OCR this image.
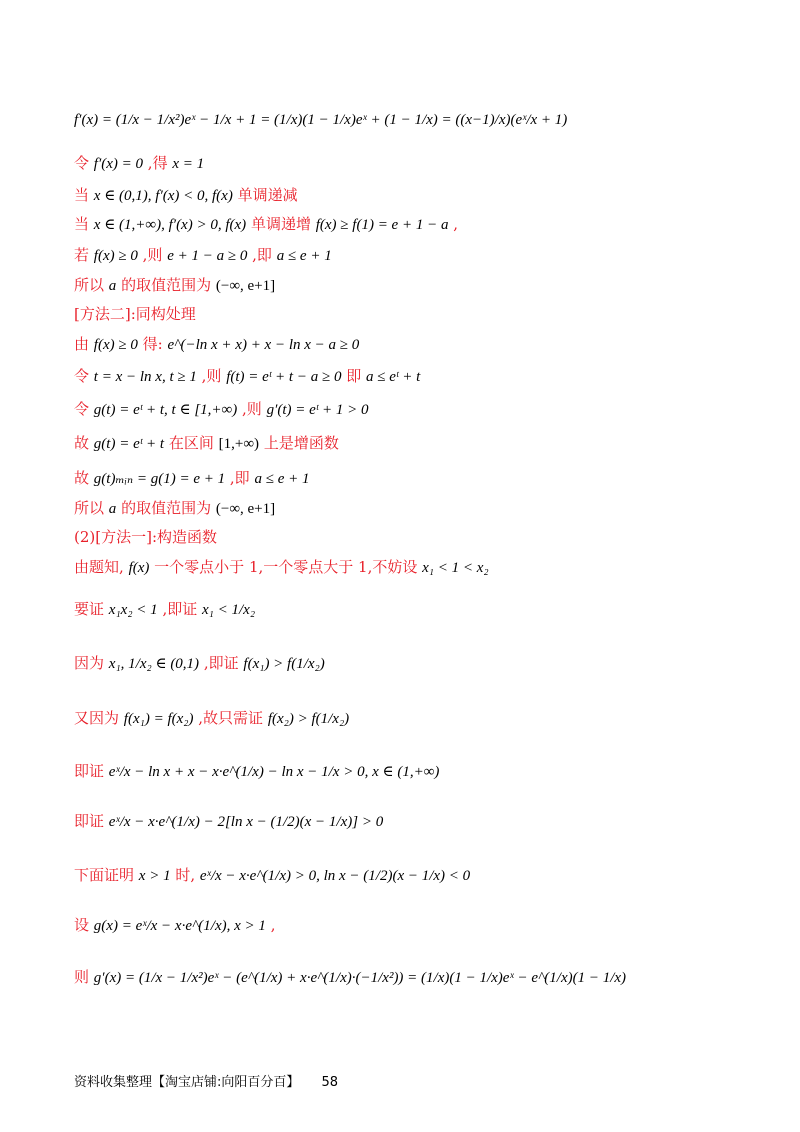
f′(x) = (1/x − 1/x²)eˣ − 1/x + 1 = (1/x)(1 − 1/x)eˣ + (1 − 1/x) = ((x−1)/x)(eˣ/x + 1)
令 f′(x) = 0 ,得 x = 1
当 x ∈ (0,1), f′(x) < 0, f(x) 单调递减
当 x ∈ (1,+∞), f′(x) > 0, f(x) 单调递增 f(x) ≥ f(1) = e + 1 − a ,
若 f(x) ≥ 0 ,则 e + 1 − a ≥ 0 ,即 a ≤ e + 1
所以 a 的取值范围为 (−∞, e+1]
[方法二]:同构处理
由 f(x) ≥ 0 得: e^(−ln x + x) + x − ln x − a ≥ 0
令 t = x − ln x, t ≥ 1 ,则 f(t) = eᵗ + t − a ≥ 0 即 a ≤ eᵗ + t
令 g(t) = eᵗ + t, t ∈ [1,+∞) ,则 g′(t) = eᵗ + 1 > 0
故 g(t) = eᵗ + t 在区间 [1,+∞) 上是增函数
故 g(t)ₘᵢₙ = g(1) = e + 1 ,即 a ≤ e + 1
所以 a 的取值范围为 (−∞, e+1]
(2)[方法一]:构造函数
由题知, f(x) 一个零点小于 1,一个零点大于 1,不妨设 x₁ < 1 < x₂
要证 x₁x₂ < 1 ,即证 x₁ < 1/x₂
因为 x₁, 1/x₂ ∈ (0,1) ,即证 f(x₁) > f(1/x₂)
又因为 f(x₁) = f(x₂) ,故只需证 f(x₂) > f(1/x₂)
即证 eˣ/x − ln x + x − x·e^(1/x) − ln x − 1/x > 0, x ∈ (1,+∞)
即证 eˣ/x − x·e^(1/x) − 2[ln x − (1/2)(x − 1/x)] > 0
下面证明 x > 1 时, eˣ/x − x·e^(1/x) > 0, ln x − (1/2)(x − 1/x) < 0
设 g(x) = eˣ/x − x·e^(1/x), x > 1 ,
则 g′(x) = (1/x − 1/x²)eˣ − (e^(1/x) + x·e^(1/x)·(−1/x²)) = (1/x)(1 − 1/x)eˣ − e^(1/x)(1 − 1/x)
资料收集整理【淘宝店铺:向阳百分百】 58
